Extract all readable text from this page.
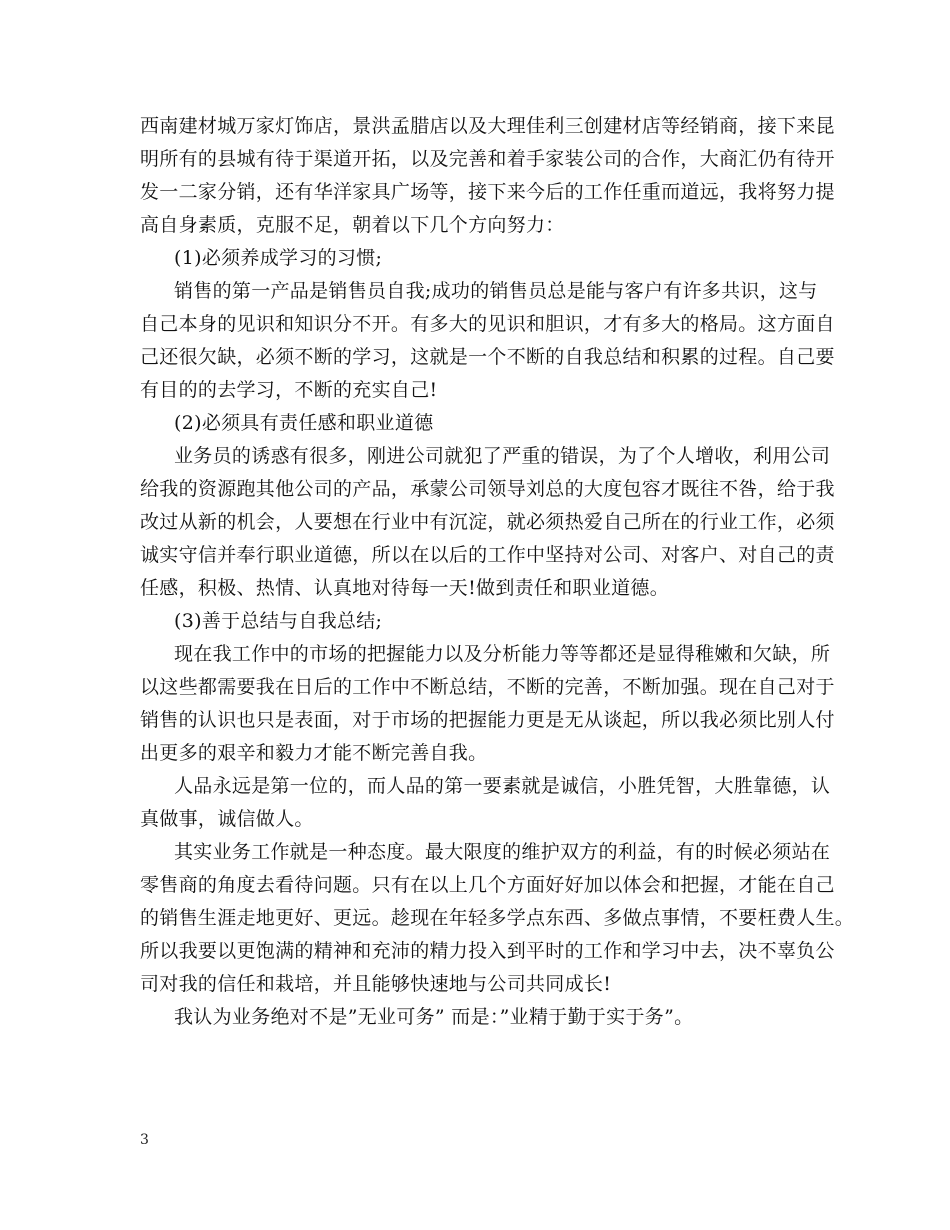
西南建材城万家灯饰店，景洪孟腊店以及大理佳利三创建材店等经销商，接下来昆
明所有的县城有待于渠道开拓，以及完善和着手家装公司的合作，大商汇仍有待开
发一二家分销，还有华洋家具广场等，接下来今后的工作任重而道远，我将努力提
高自身素质，克服不足，朝着以下几个方向努力：
(1)必须养成学习的习惯;
销售的第一产品是销售员自我;成功的销售员总是能与客户有许多共识，这与
自己本身的见识和知识分不开。有多大的见识和胆识，才有多大的格局。这方面自
己还很欠缺，必须不断的学习，这就是一个不断的自我总结和积累的过程。自己要
有目的的去学习，不断的充实自己!
(2)必须具有责任感和职业道德
业务员的诱惑有很多，刚进公司就犯了严重的错误，为了个人增收，利用公司
给我的资源跑其他公司的产品，承蒙公司领导刘总的大度包容才既往不咎，给于我
改过从新的机会，人要想在行业中有沉淀，就必须热爱自己所在的行业工作，必须
诚实守信并奉行职业道德，所以在以后的工作中坚持对公司、对客户、对自己的责
任感，积极、热情、认真地对待每一天!做到责任和职业道德。
(3)善于总结与自我总结;
现在我工作中的市场的把握能力以及分析能力等等都还是显得稚嫩和欠缺，所
以这些都需要我在日后的工作中不断总结，不断的完善，不断加强。现在自己对于
销售的认识也只是表面，对于市场的把握能力更是无从谈起，所以我必须比别人付
出更多的艰辛和毅力才能不断完善自我。
人品永远是第一位的，而人品的第一要素就是诚信，小胜凭智，大胜靠德，认
真做事，诚信做人。
其实业务工作就是一种态度。最大限度的维护双方的利益，有的时候必须站在
零售商的角度去看待问题。只有在以上几个方面好好加以体会和把握，才能在自己
的销售生涯走地更好、更远。趁现在年轻多学点东西、多做点事情，不要枉费人生。
所以我要以更饱满的精神和充沛的精力投入到平时的工作和学习中去，决不辜负公
司对我的信任和栽培，并且能够快速地与公司共同成长!
我认为业务绝对不是”无业可务” 而是：”业精于勤于实于务”。
3
